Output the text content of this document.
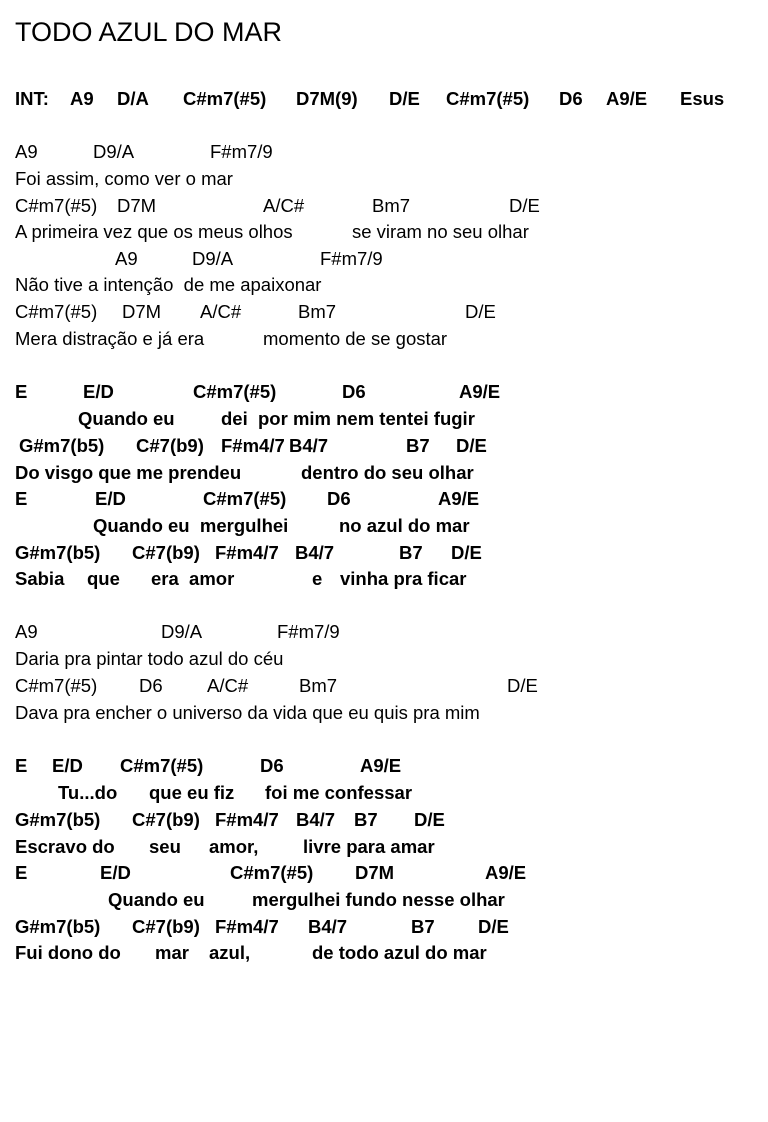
TODO AZUL DO MAR

INT:

A9

D/A

C#m7(#5)

D7M(9)

D/E

C#m7(#5)

D6

A9/E

Esus

A9

	D9/A

	F#m7/9

Foi assim, como ver o mar

C#m7(#5)

D7M

	A/C#

	Bm7

	D/E

A primeira vez que os meus olhos

	se viram no seu olhar

A9

	D9/A

	F#m7/9

Não tive a intenção  de me apaixonar

C#m7(#5)

D7M

A/C#

	Bm7

	D/E

Mera distração e já era

	momento de se gostar

E

	E/D

	C#m7(#5)

	D6

	A9/E

Quando eu

	dei  por mim nem tentei fugir

G#m7(b5)

C#7(b9)

F#m4/7

B4/7

	B7

D/E

Do visgo que me prendeu

	dentro do seu olhar

E

	E/D

	C#m7(#5)

D6

	A9/E

Quando eu  mergulhei

	no azul do mar

G#m7(b5)

C#7(b9)

F#m4/7

B4/7

	B7

D/E

Sabia

que

era  amor

	e

vinha pra ficar

A9

	D9/A

	F#m7/9

Daria pra pintar todo azul do céu

C#m7(#5)

D6

A/C#

	Bm7

	D/E

Dava pra encher o universo da vida que eu quis pra mim

E

E/D

C#m7(#5)

	D6

	A9/E

Tu...do

que eu fiz

foi me confessar

G#m7(b5)

C#7(b9)

F#m4/7

B4/7

B7

D/E

Escravo do

seu

amor,

livre para amar

E

	E/D

	C#m7(#5)

D7M

	A9/E

Quando eu

	mergulhei fundo nesse olhar

G#m7(b5)

C#7(b9)

F#m4/7

B4/7

	B7

D/E

Fui dono do

mar

azul,

	de todo azul do mar
